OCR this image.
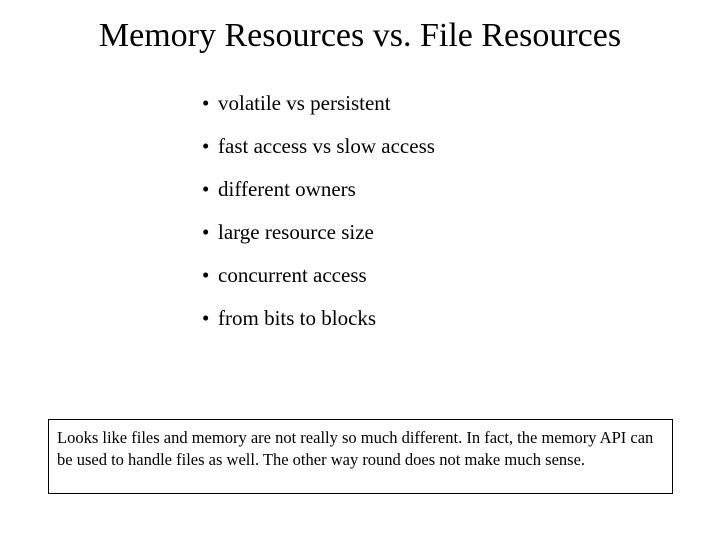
Memory Resources vs. File Resources
• volatile vs persistent
• fast access vs slow access
• different owners
• large resource size
• concurrent access
• from bits to blocks
Looks like files and memory are not really so much different. In fact, the memory API can be used to handle files as well. The other way round does not make much sense.
